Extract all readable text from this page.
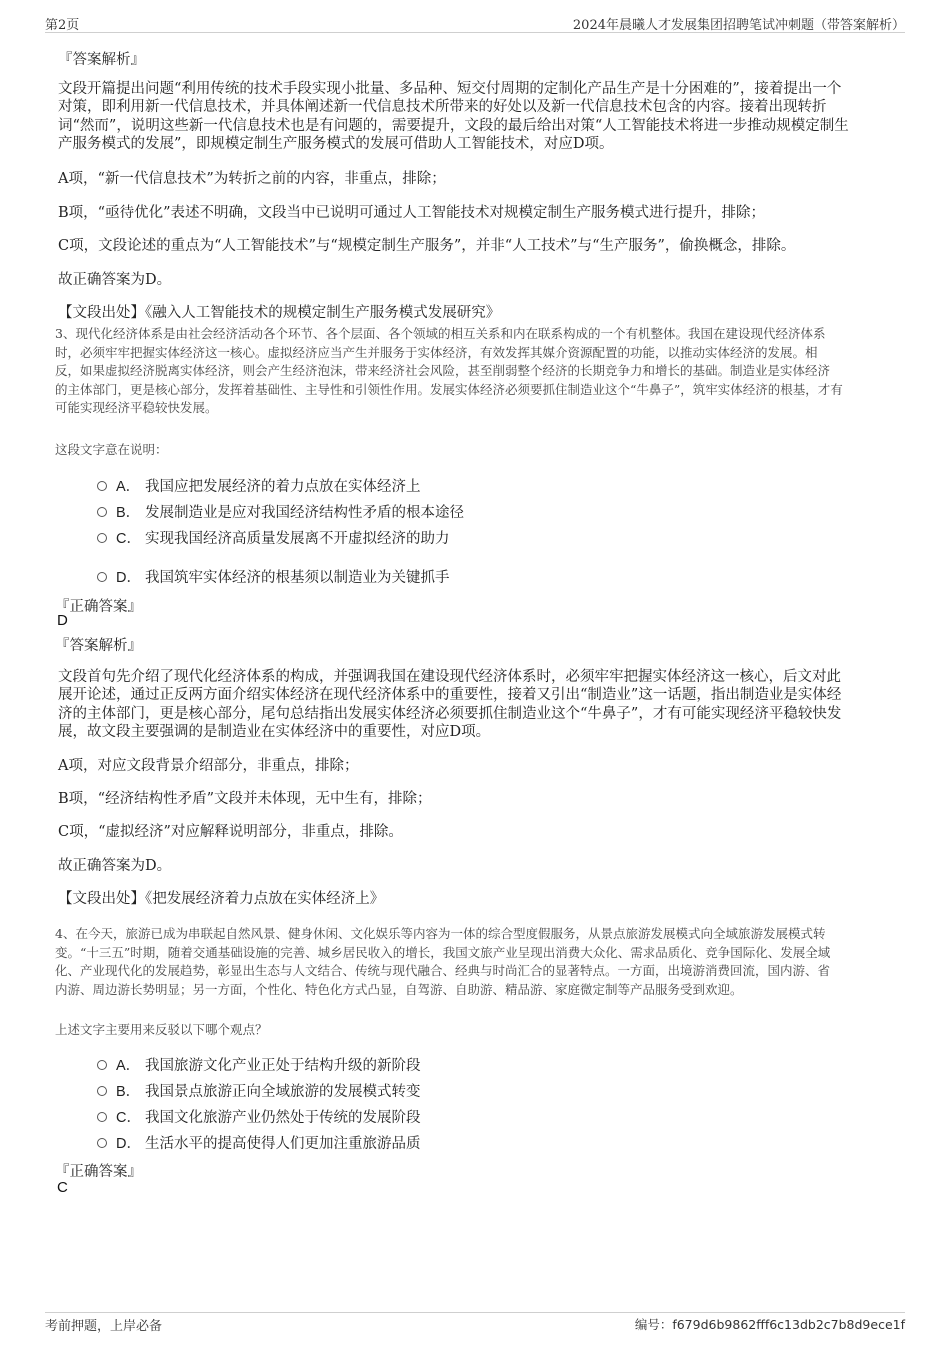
第2页	2024年晨曦人才发展集团招聘笔试冲刺题（带答案解析）
『答案解析』
文段开篇提出问题“利用传统的技术手段实现小批量、多品种、短交付周期的定制化产品生产是十分困难的”，接着提出一个
对策，即利用新一代信息技术，并具体阐述新一代信息技术所带来的好处以及新一代信息技术包含的内容。接着出现转折
词“然而”，说明这些新一代信息技术也是有问题的，需要提升，文段的最后给出对策“人工智能技术将进一步推动规模定制生
产服务模式的发展”，即规模定制生产服务模式的发展可借助人工智能技术，对应D项。
A项，“新一代信息技术”为转折之前的内容，非重点，排除；
B项，“亟待优化”表述不明确，文段当中已说明可通过人工智能技术对规模定制生产服务模式进行提升，排除；
C项，文段论述的重点为“人工智能技术”与“规模定制生产服务”，并非“人工技术”与“生产服务”，偷换概念，排除。
故正确答案为D。
【文段出处】《融入人工智能技术的规模定制生产服务模式发展研究》
3、现代化经济体系是由社会经济活动各个环节、各个层面、各个领域的相互关系和内在联系构成的一个有机整体。我国在建设现代经济体系
时，必须牢牢把握实体经济这一核心。虚拟经济应当产生并服务于实体经济，有效发挥其媒介资源配置的功能，以推动实体经济的发展。相
反，如果虚拟经济脱离实体经济，则会产生经济泡沫，带来经济社会风险，甚至削弱整个经济的长期竞争力和增长的基础。制造业是实体经济
的主体部门，更是核心部分，发挥着基础性、主导性和引领性作用。发展实体经济必须要抓住制造业这个“牛鼻子”，筑牢实体经济的根基，才有
可能实现经济平稳较快发展。
这段文字意在说明：
A． 我国应把发展经济的着力点放在实体经济上
B． 发展制造业是应对我国经济结构性矛盾的根本途径
C． 实现我国经济高质量发展离不开虚拟经济的助力
D． 我国筑牢实体经济的根基须以制造业为关键抓手
『正确答案』
D
『答案解析』
文段首句先介绍了现代化经济体系的构成，并强调我国在建设现代经济体系时，必须牢牢把握实体经济这一核心，后文对此
展开论述，通过正反两方面介绍实体经济在现代经济体系中的重要性，接着又引出“制造业”这一话题，指出制造业是实体经
济的主体部门，更是核心部分，尾句总结指出发展实体经济必须要抓住制造业这个“牛鼻子”，才有可能实现经济平稳较快发
展，故文段主要强调的是制造业在实体经济中的重要性，对应D项。
A项，对应文段背景介绍部分，非重点，排除；
B项，“经济结构性矛盾”文段并未体现，无中生有，排除；
C项，“虚拟经济”对应解释说明部分，非重点，排除。
故正确答案为D。
【文段出处】《把发展经济着力点放在实体经济上》
4、在今天，旅游已成为串联起自然风景、健身休闲、文化娱乐等内容为一体的综合型度假服务，从景点旅游发展模式向全域旅游发展模式转
变。“十三五”时期，随着交通基础设施的完善、城乡居民收入的增长，我国文旅产业呈现出消费大众化、需求品质化、竞争国际化、发展全域
化、产业现代化的发展趋势，彰显出生态与人文结合、传统与现代融合、经典与时尚汇合的显著特点。一方面，出境游消费回流，国内游、省
内游、周边游长势明显；另一方面，个性化、特色化方式凸显，自驾游、自助游、精品游、家庭微定制等产品服务受到欢迎。
上述文字主要用来反驳以下哪个观点？
A． 我国旅游文化产业正处于结构升级的新阶段
B． 我国景点旅游正向全域旅游的发展模式转变
C． 我国文化旅游产业仍然处于传统的发展阶段
D． 生活水平的提高使得人们更加注重旅游品质
『正确答案』
C
考前押题，上岸必备	编号：f679d6b9862fff6c13db2c7b8d9ece1f
